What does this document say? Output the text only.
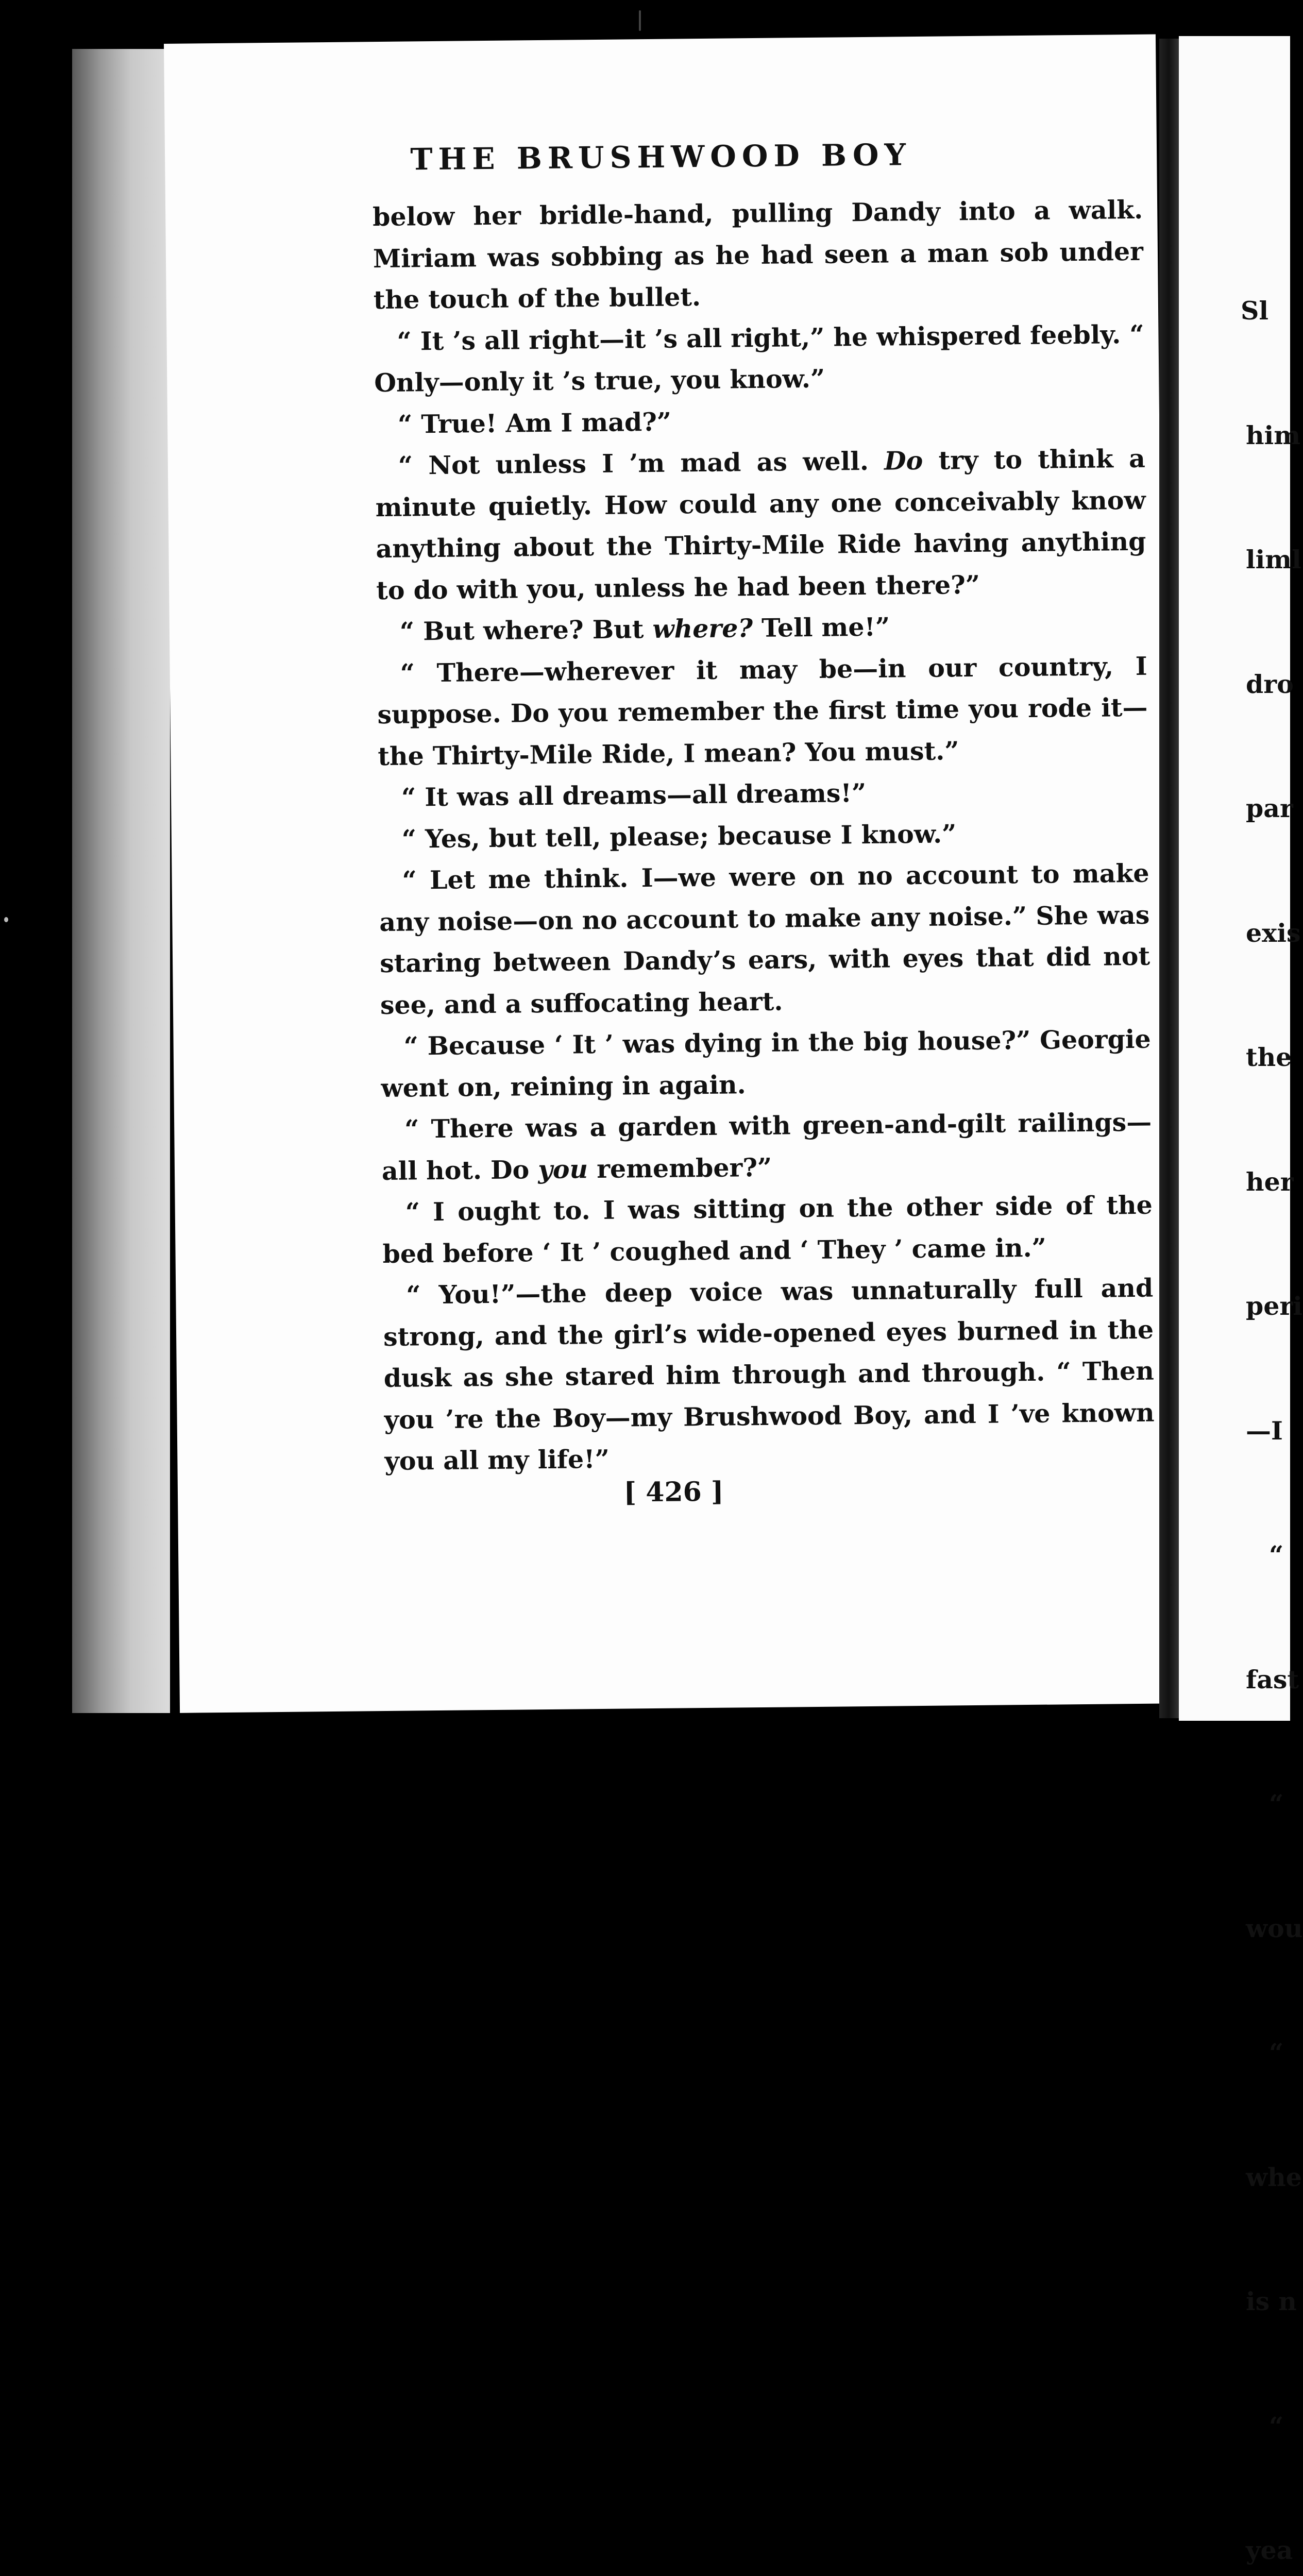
THE BRUSHWOOD BOY

below her bridle-hand, pulling Dandy into a walk. Miriam was sobbing as he had seen a man sob under the touch of the bullet.

“ It ’s all right—it ’s all right,” he whispered feebly. “ Only—only it ’s true, you know.”

“ True! Am I mad?”

“ Not unless I ’m mad as well. Do try to think a minute quietly. How could any one conceivably know anything about the Thirty-Mile Ride having anything to do with you, unless he had been there?”

“ But where? But where? Tell me!”

“ There—wherever it may be—in our country, I suppose. Do you remember the first time you rode it—the Thirty-Mile Ride, I mean? You must.”

“ It was all dreams—all dreams!”

“ Yes, but tell, please; because I know.”

“ Let me think. I—we were on no account to make any noise—on no account to make any noise.” She was staring between Dandy’s ears, with eyes that did not see, and a suffocating heart.

“ Because ‘ It ’ was dying in the big house?” Georgie went on, reining in again.

“ There was a garden with green-and-gilt railings—all hot. Do you remember?”

“ I ought to. I was sitting on the other side of the bed before ‘ It ’ coughed and ‘ They ’ came in.”

“ You!”—the deep voice was unnaturally full and strong, and the girl’s wide-opened eyes burned in the dusk as she stared him through and through. “ Then you ’re the Boy—my Brushwood Boy, and I ’ve known you all my life!”

[ 426 ]

Sl

him

liml

dro

par

exis

the

her

peri

—I

“

fast

“

wou

“

whe

is n

“

yea
